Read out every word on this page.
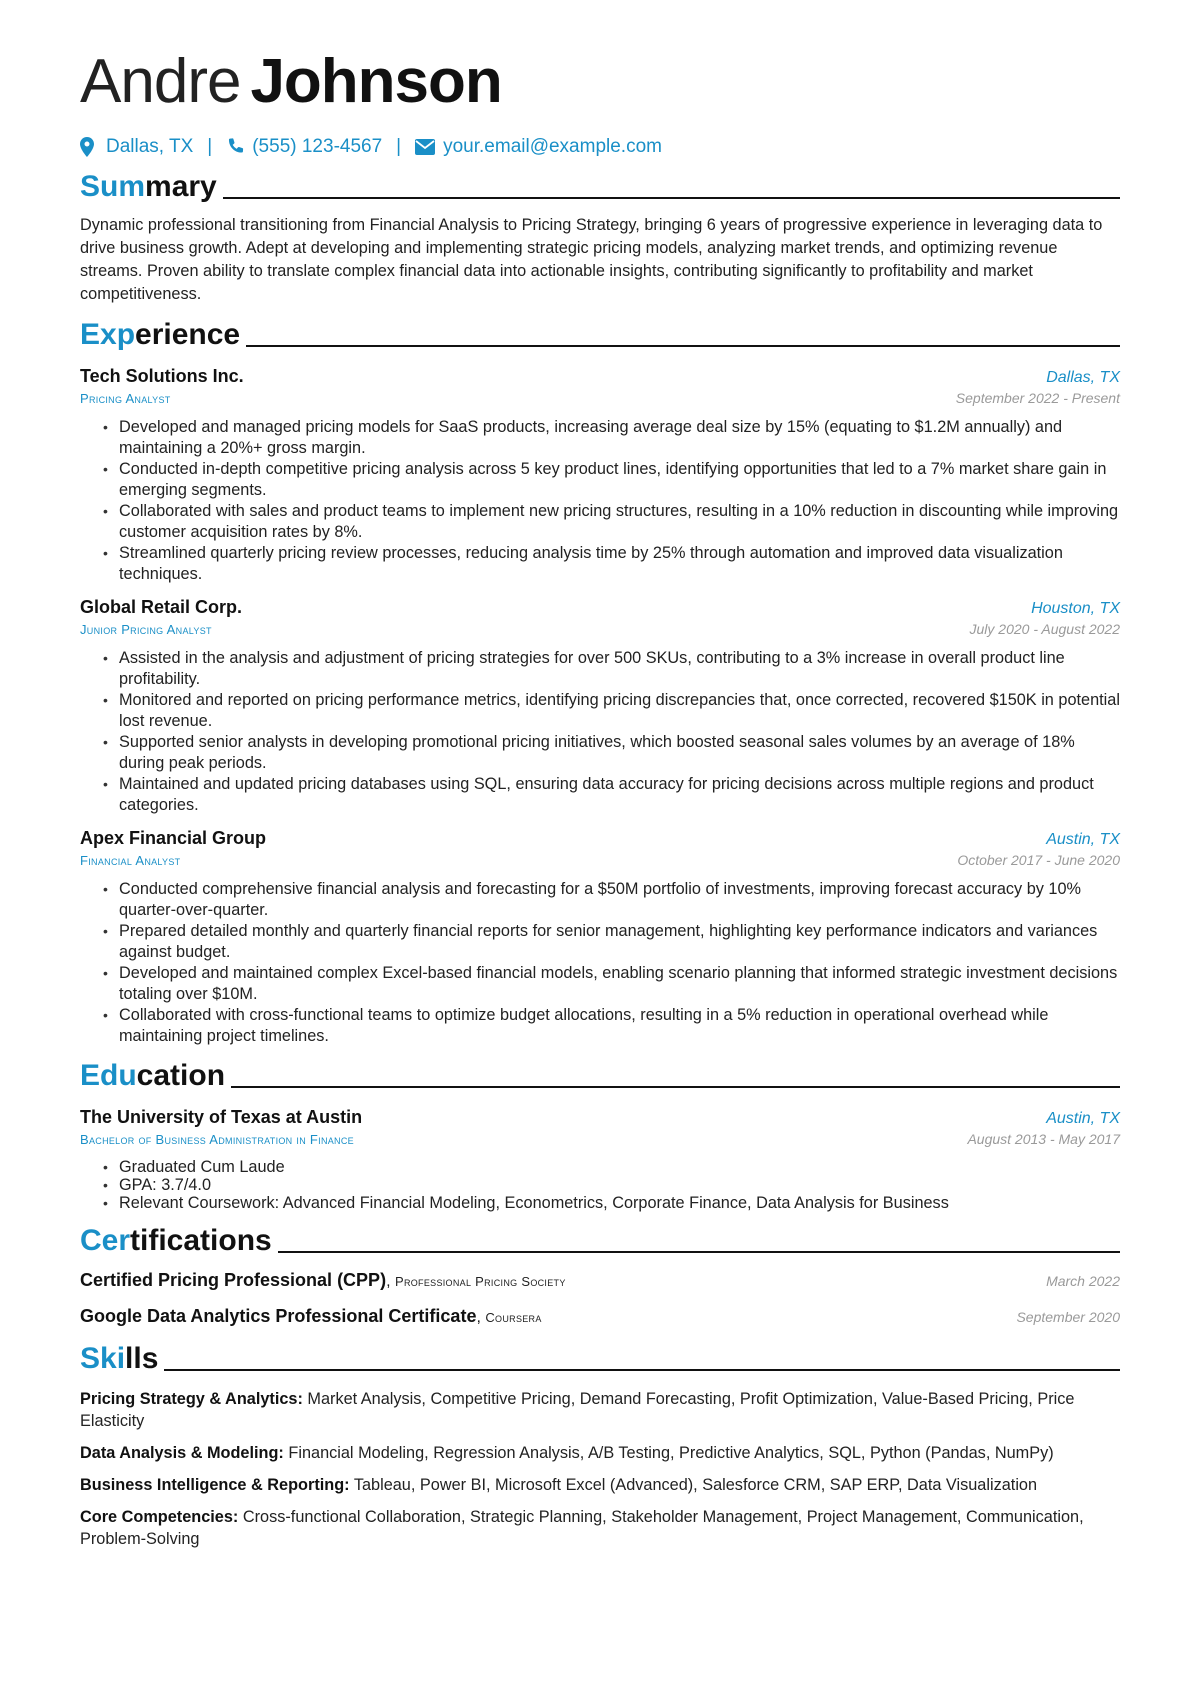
Andre Johnson
Dallas, TX | (555) 123-4567 | your.email@example.com
Summary
Dynamic professional transitioning from Financial Analysis to Pricing Strategy, bringing 6 years of progressive experience in leveraging data to drive business growth. Adept at developing and implementing strategic pricing models, analyzing market trends, and optimizing revenue streams. Proven ability to translate complex financial data into actionable insights, contributing significantly to profitability and market competitiveness.
Experience
Tech Solutions Inc.	Dallas, TX
Pricing Analyst	September 2022 - Present
• Developed and managed pricing models for SaaS products, increasing average deal size by 15% (equating to $1.2M annually) and maintaining a 20%+ gross margin.
• Conducted in-depth competitive pricing analysis across 5 key product lines, identifying opportunities that led to a 7% market share gain in emerging segments.
• Collaborated with sales and product teams to implement new pricing structures, resulting in a 10% reduction in discounting while improving customer acquisition rates by 8%.
• Streamlined quarterly pricing review processes, reducing analysis time by 25% through automation and improved data visualization techniques.
Global Retail Corp.	Houston, TX
Junior Pricing Analyst	July 2020 - August 2022
• Assisted in the analysis and adjustment of pricing strategies for over 500 SKUs, contributing to a 3% increase in overall product line profitability.
• Monitored and reported on pricing performance metrics, identifying pricing discrepancies that, once corrected, recovered $150K in potential lost revenue.
• Supported senior analysts in developing promotional pricing initiatives, which boosted seasonal sales volumes by an average of 18% during peak periods.
• Maintained and updated pricing databases using SQL, ensuring data accuracy for pricing decisions across multiple regions and product categories.
Apex Financial Group	Austin, TX
Financial Analyst	October 2017 - June 2020
• Conducted comprehensive financial analysis and forecasting for a $50M portfolio of investments, improving forecast accuracy by 10% quarter-over-quarter.
• Prepared detailed monthly and quarterly financial reports for senior management, highlighting key performance indicators and variances against budget.
• Developed and maintained complex Excel-based financial models, enabling scenario planning that informed strategic investment decisions totaling over $10M.
• Collaborated with cross-functional teams to optimize budget allocations, resulting in a 5% reduction in operational overhead while maintaining project timelines.
Education
The University of Texas at Austin	Austin, TX
Bachelor of Business Administration in Finance	August 2013 - May 2017
• Graduated Cum Laude
• GPA: 3.7/4.0
• Relevant Coursework: Advanced Financial Modeling, Econometrics, Corporate Finance, Data Analysis for Business
Certifications
Certified Pricing Professional (CPP), Professional Pricing Society	March 2022
Google Data Analytics Professional Certificate, Coursera	September 2020
Skills
Pricing Strategy & Analytics: Market Analysis, Competitive Pricing, Demand Forecasting, Profit Optimization, Value-Based Pricing, Price Elasticity
Data Analysis & Modeling: Financial Modeling, Regression Analysis, A/B Testing, Predictive Analytics, SQL, Python (Pandas, NumPy)
Business Intelligence & Reporting: Tableau, Power BI, Microsoft Excel (Advanced), Salesforce CRM, SAP ERP, Data Visualization
Core Competencies: Cross-functional Collaboration, Strategic Planning, Stakeholder Management, Project Management, Communication, Problem-Solving
